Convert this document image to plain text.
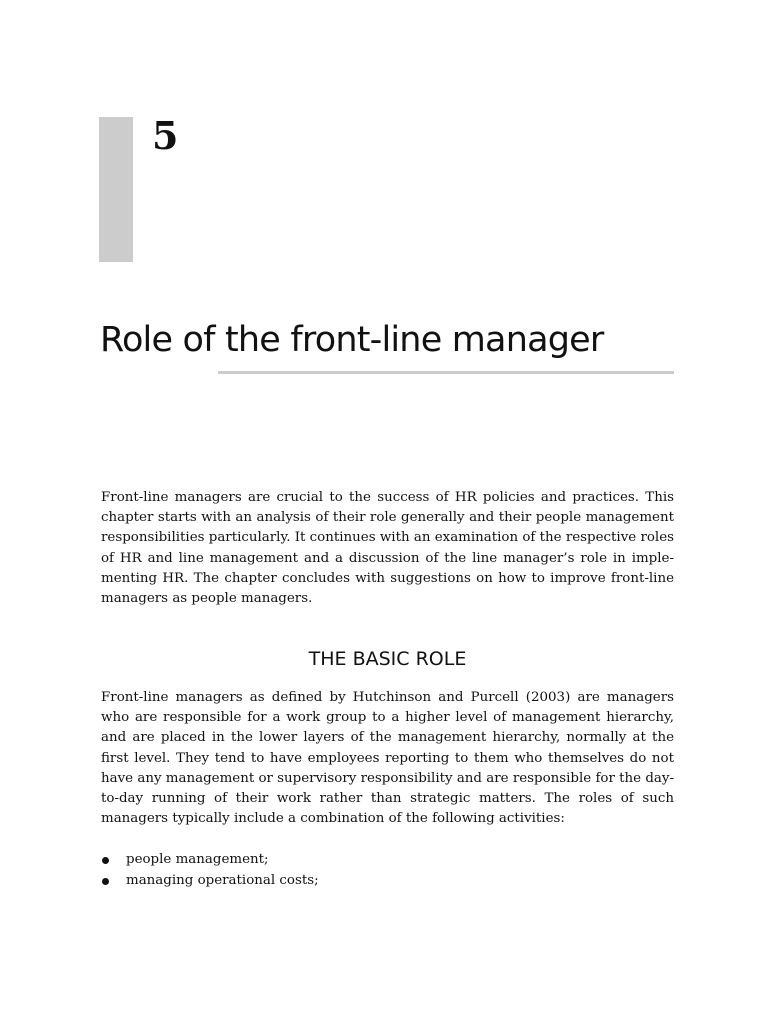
5
Role of the front-line manager

Front-line managers are crucial to the success of HR policies and practices. This chapter starts with an analysis of their role generally and their people management responsibilities particularly. It continues with an examination of the respective roles of HR and line management and a discussion of the line manager’s role in imple-menting HR. The chapter concludes with suggestions on how to improve front-line managers as people managers.

THE BASIC ROLE

Front-line managers as defined by Hutchinson and Purcell (2003) are managers who are responsible for a work group to a higher level of management hierarchy, and are placed in the lower layers of the management hierarchy, normally at the first level. They tend to have employees reporting to them who themselves do not have any management or supervisory responsibility and are responsible for the day-to-day running of their work rather than strategic matters. The roles of such managers typically include a combination of the following activities:

people management;
managing operational costs;
